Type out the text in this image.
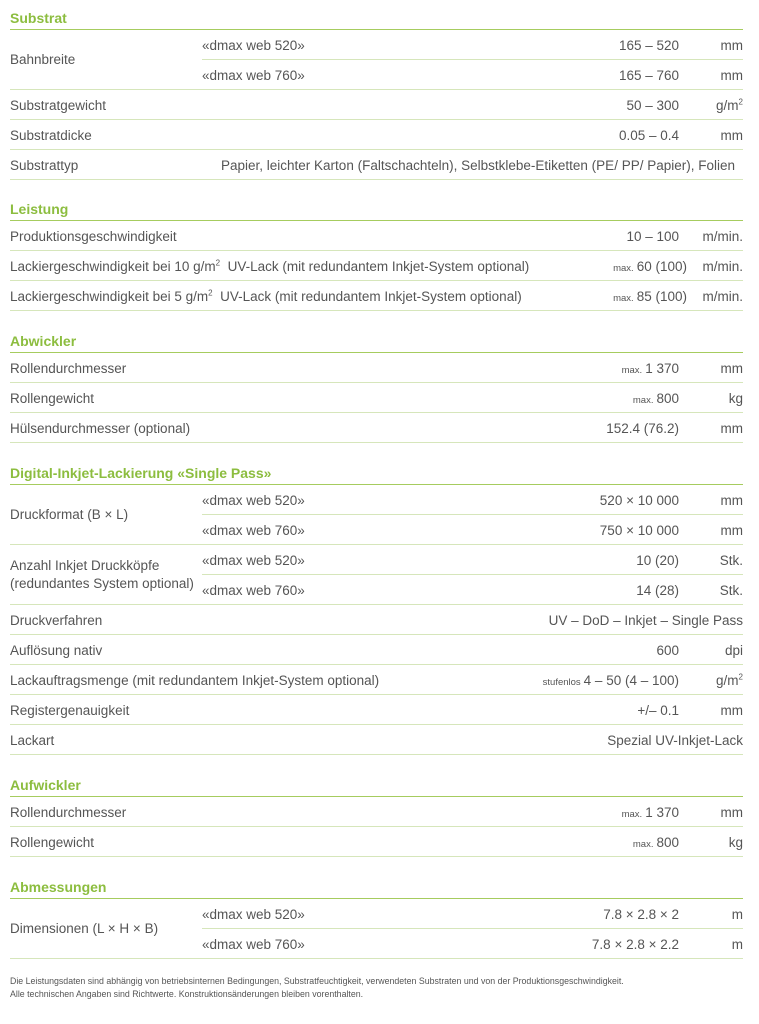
Substrat
Bahnbreite
«dmax web 520»	165 – 520	mm
«dmax web 760»	165 – 760	mm
Substratgewicht	50 – 300	$g/m^2$
Substratdicke	0.05 – 0.4	mm
Substrattyp	Papier, leichter Karton (Faltschachteln), Selbstklebe-Etiketten (PE/ PP/ Papier), Folien
Leistung
Produktionsgeschwindigkeit	10 – 100 m/min.
Lackiergeschwindigkeit bei 10 $g/m^2$  UV-Lack (mit redundantem Inkjet-System optional)	max. 60 (100) m/min.
Lackiergeschwindigkeit bei 5 $g/m^2$  UV-Lack (mit redundantem Inkjet-System optional)	max. 85 (100) m/min.
Abwickler
Rollendurchmesser	max. 1 370	mm
Rollengewicht	max. 800	kg
Hülsendurchmesser (optional)	152.4 (76.2)	mm
Digital-Inkjet-Lackierung «Single Pass»
Druckformat (B × L)
«dmax web 520»	520 × 10 000	mm
«dmax web 760»	750 × 10 000	mm
Anzahl Inkjet Druckköpfe
(redundantes System optional)
«dmax web 520»	10 (20)	Stk.
«dmax web 760»	14 (28)	Stk.
Druckverfahren	UV – DoD – Inkjet – Single Pass
Auflösung nativ	600	dpi
Lackauftragsmenge (mit redundantem Inkjet-System optional)	stufenlos 4 – 50 (4 – 100)	$g/m^2$
Registergenauigkeit	+/– 0.1	mm
Lackart	Spezial UV-Inkjet-Lack
Aufwickler
Rollendurchmesser	max. 1 370	mm
Rollengewicht	max. 800	kg
Abmessungen
Dimensionen (L × H × B)
«dmax web 520»	7.8 × 2.8 × 2	m
«dmax web 760»	7.8 × 2.8 × 2.2	m
Die Leistungsdaten sind abhängig von betriebsinternen Bedingungen, Substratfeuchtigkeit, verwendeten Substraten und von der Produktionsgeschwindigkeit.
Alle technischen Angaben sind Richtwerte. Konstruktionsänderungen bleiben vorenthalten.
